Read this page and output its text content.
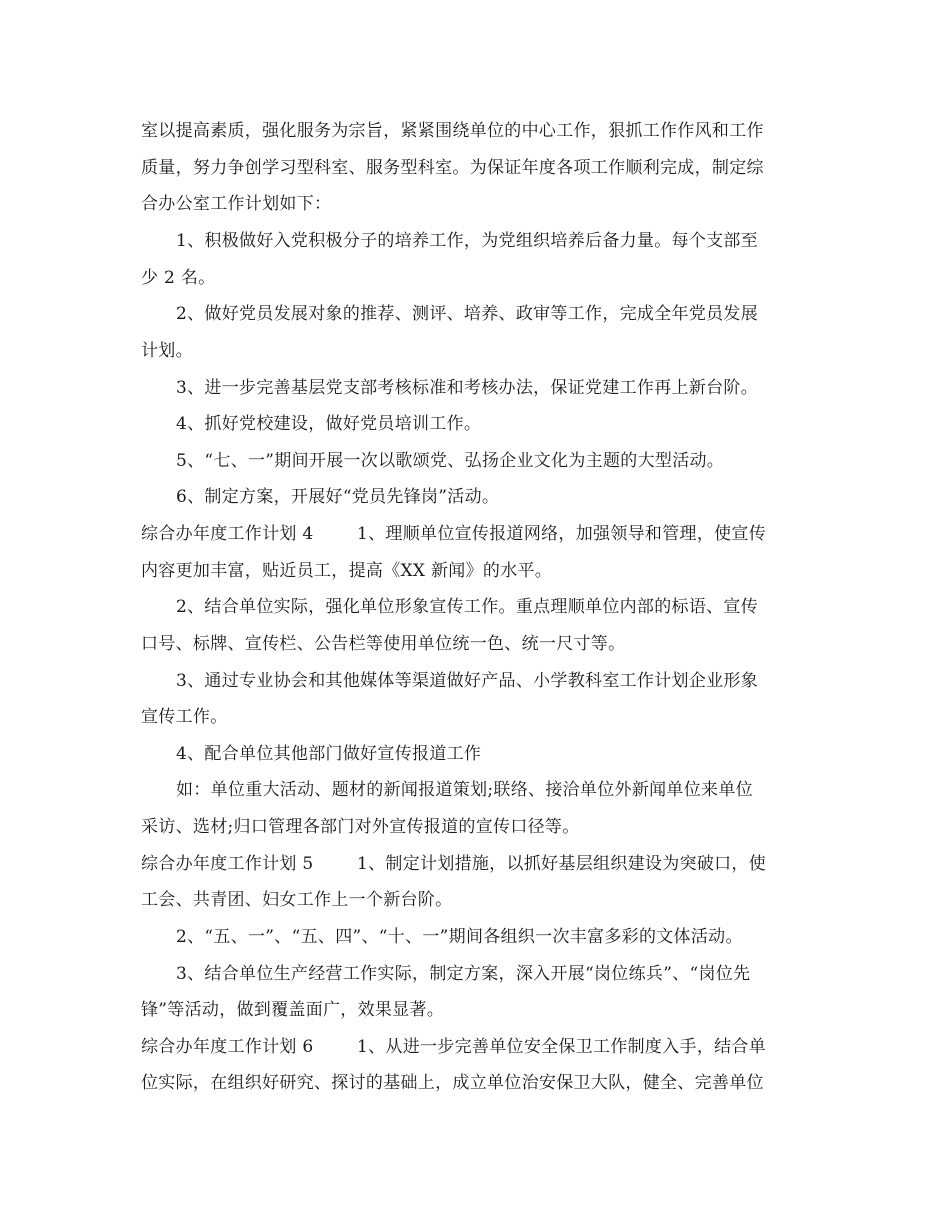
室以提高素质，强化服务为宗旨，紧紧围绕单位的中心工作，狠抓工作作风和工作

质量，努力争创学习型科室、服务型科室。为保证年度各项工作顺利完成，制定综

合办公室工作计划如下：

1、积极做好入党积极分子的培养工作，为党组织培养后备力量。每个支部至

少 2 名。

2、做好党员发展对象的推荐、测评、培养、政审等工作，完成全年党员发展

计划。

3、进一步完善基层党支部考核标准和考核办法，保证党建工作再上新台阶。

4、抓好党校建设，做好党员培训工作。

5、“七、一”期间开展一次以歌颂党、弘扬企业文化为主题的大型活动。

6、制定方案，开展好“党员先锋岗”活动。

综合办年度工作计划 4	1、理顺单位宣传报道网络，加强领导和管理，使宣传

内容更加丰富，贴近员工，提高《XX 新闻》的水平。

2、结合单位实际，强化单位形象宣传工作。重点理顺单位内部的标语、宣传

口号、标牌、宣传栏、公告栏等使用单位统一色、统一尺寸等。

3、通过专业协会和其他媒体等渠道做好产品、小学教科室工作计划企业形象

宣传工作。

4、配合单位其他部门做好宣传报道工作

如：单位重大活动、题材的新闻报道策划;联络、接洽单位外新闻单位来单位

采访、选材;归口管理各部门对外宣传报道的宣传口径等。

综合办年度工作计划 5	1、制定计划措施，以抓好基层组织建设为突破口，使

工会、共青团、妇女工作上一个新台阶。

2、“五、一”、“五、四”、“十、一”期间各组织一次丰富多彩的文体活动。

3、结合单位生产经营工作实际，制定方案，深入开展“岗位练兵”、“岗位先

锋”等活动，做到覆盖面广，效果显著。

综合办年度工作计划 6	1、从进一步完善单位安全保卫工作制度入手，结合单

位实际，在组织好研究、探讨的基础上，成立单位治安保卫大队，健全、完善单位
